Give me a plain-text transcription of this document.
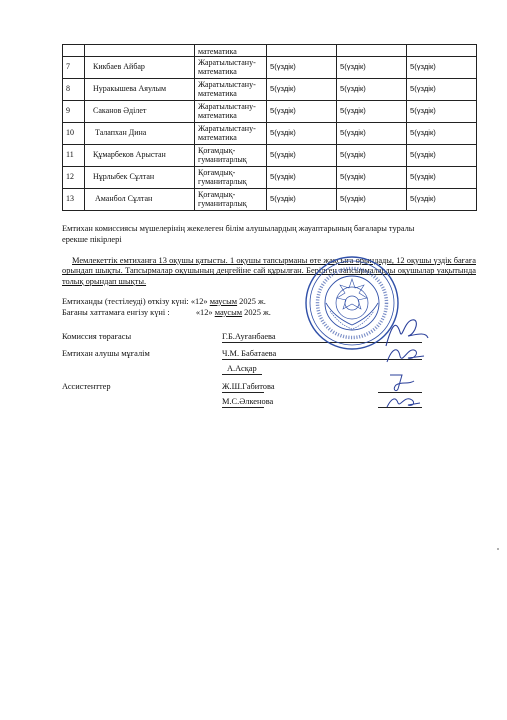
		математика			
7	Кикбаев Айбар	Жаратылыстану-математика	5(үздік)	5(үздік)	5(үздік)
8	Нуракышева Аяулым	Жаратылыстану-математика	5(үздік)	5(үздік)	5(үздік)
9	Саканов Әділет	Жаратылыстану-математика	5(үздік)	5(үздік)	5(үздік)
10	Талапхан Дина	Жаратылыстану-математика	5(үздік)	5(үздік)	5(үздік)
11	Құмарбеков Арыстан	Қоғамдық-гуманитарлық	5(үздік)	5(үздік)	5(үздік)
12	Нұрлыбек Сұлтан	Қоғамдық-гуманитарлық	5(үздік)	5(үздік)	5(үздік)
13	Аманбол Сұлтан	Қоғамдық-гуманитарлық	5(үздік)	5(үздік)	5(үздік)
Емтихан комиссиясы мүшелерінің жекелеген білім алушылардың жауаптарының бағалары туралы
ерекше пікірлері
Мемлекеттік емтиханға 13 оқушы қатысты. 1 оқушы тапсырманы өте жақсыға орындады, 12 оқушы үздік бағаға орындап шықты. Тапсырмалар оқушының деңгейіне сай құрылған. Берілген тапсырмаларды оқушылар уақытында толық орындап шықты.
Емтиханды (тестілеуді) өткізу күні: «12» маусым 2025 ж.
Бағаны хаттамаға енгізу күні :	«12» маусым 2025 ж.
Комиссия төрағасы	Г.Б.Ауғанбаева
Емтихан алушы мұғалім	Ч.М. Бабатаева
А.Асқар
Ассистенттер	Ж.Ш.Габитова
М.С.Әлкенова
